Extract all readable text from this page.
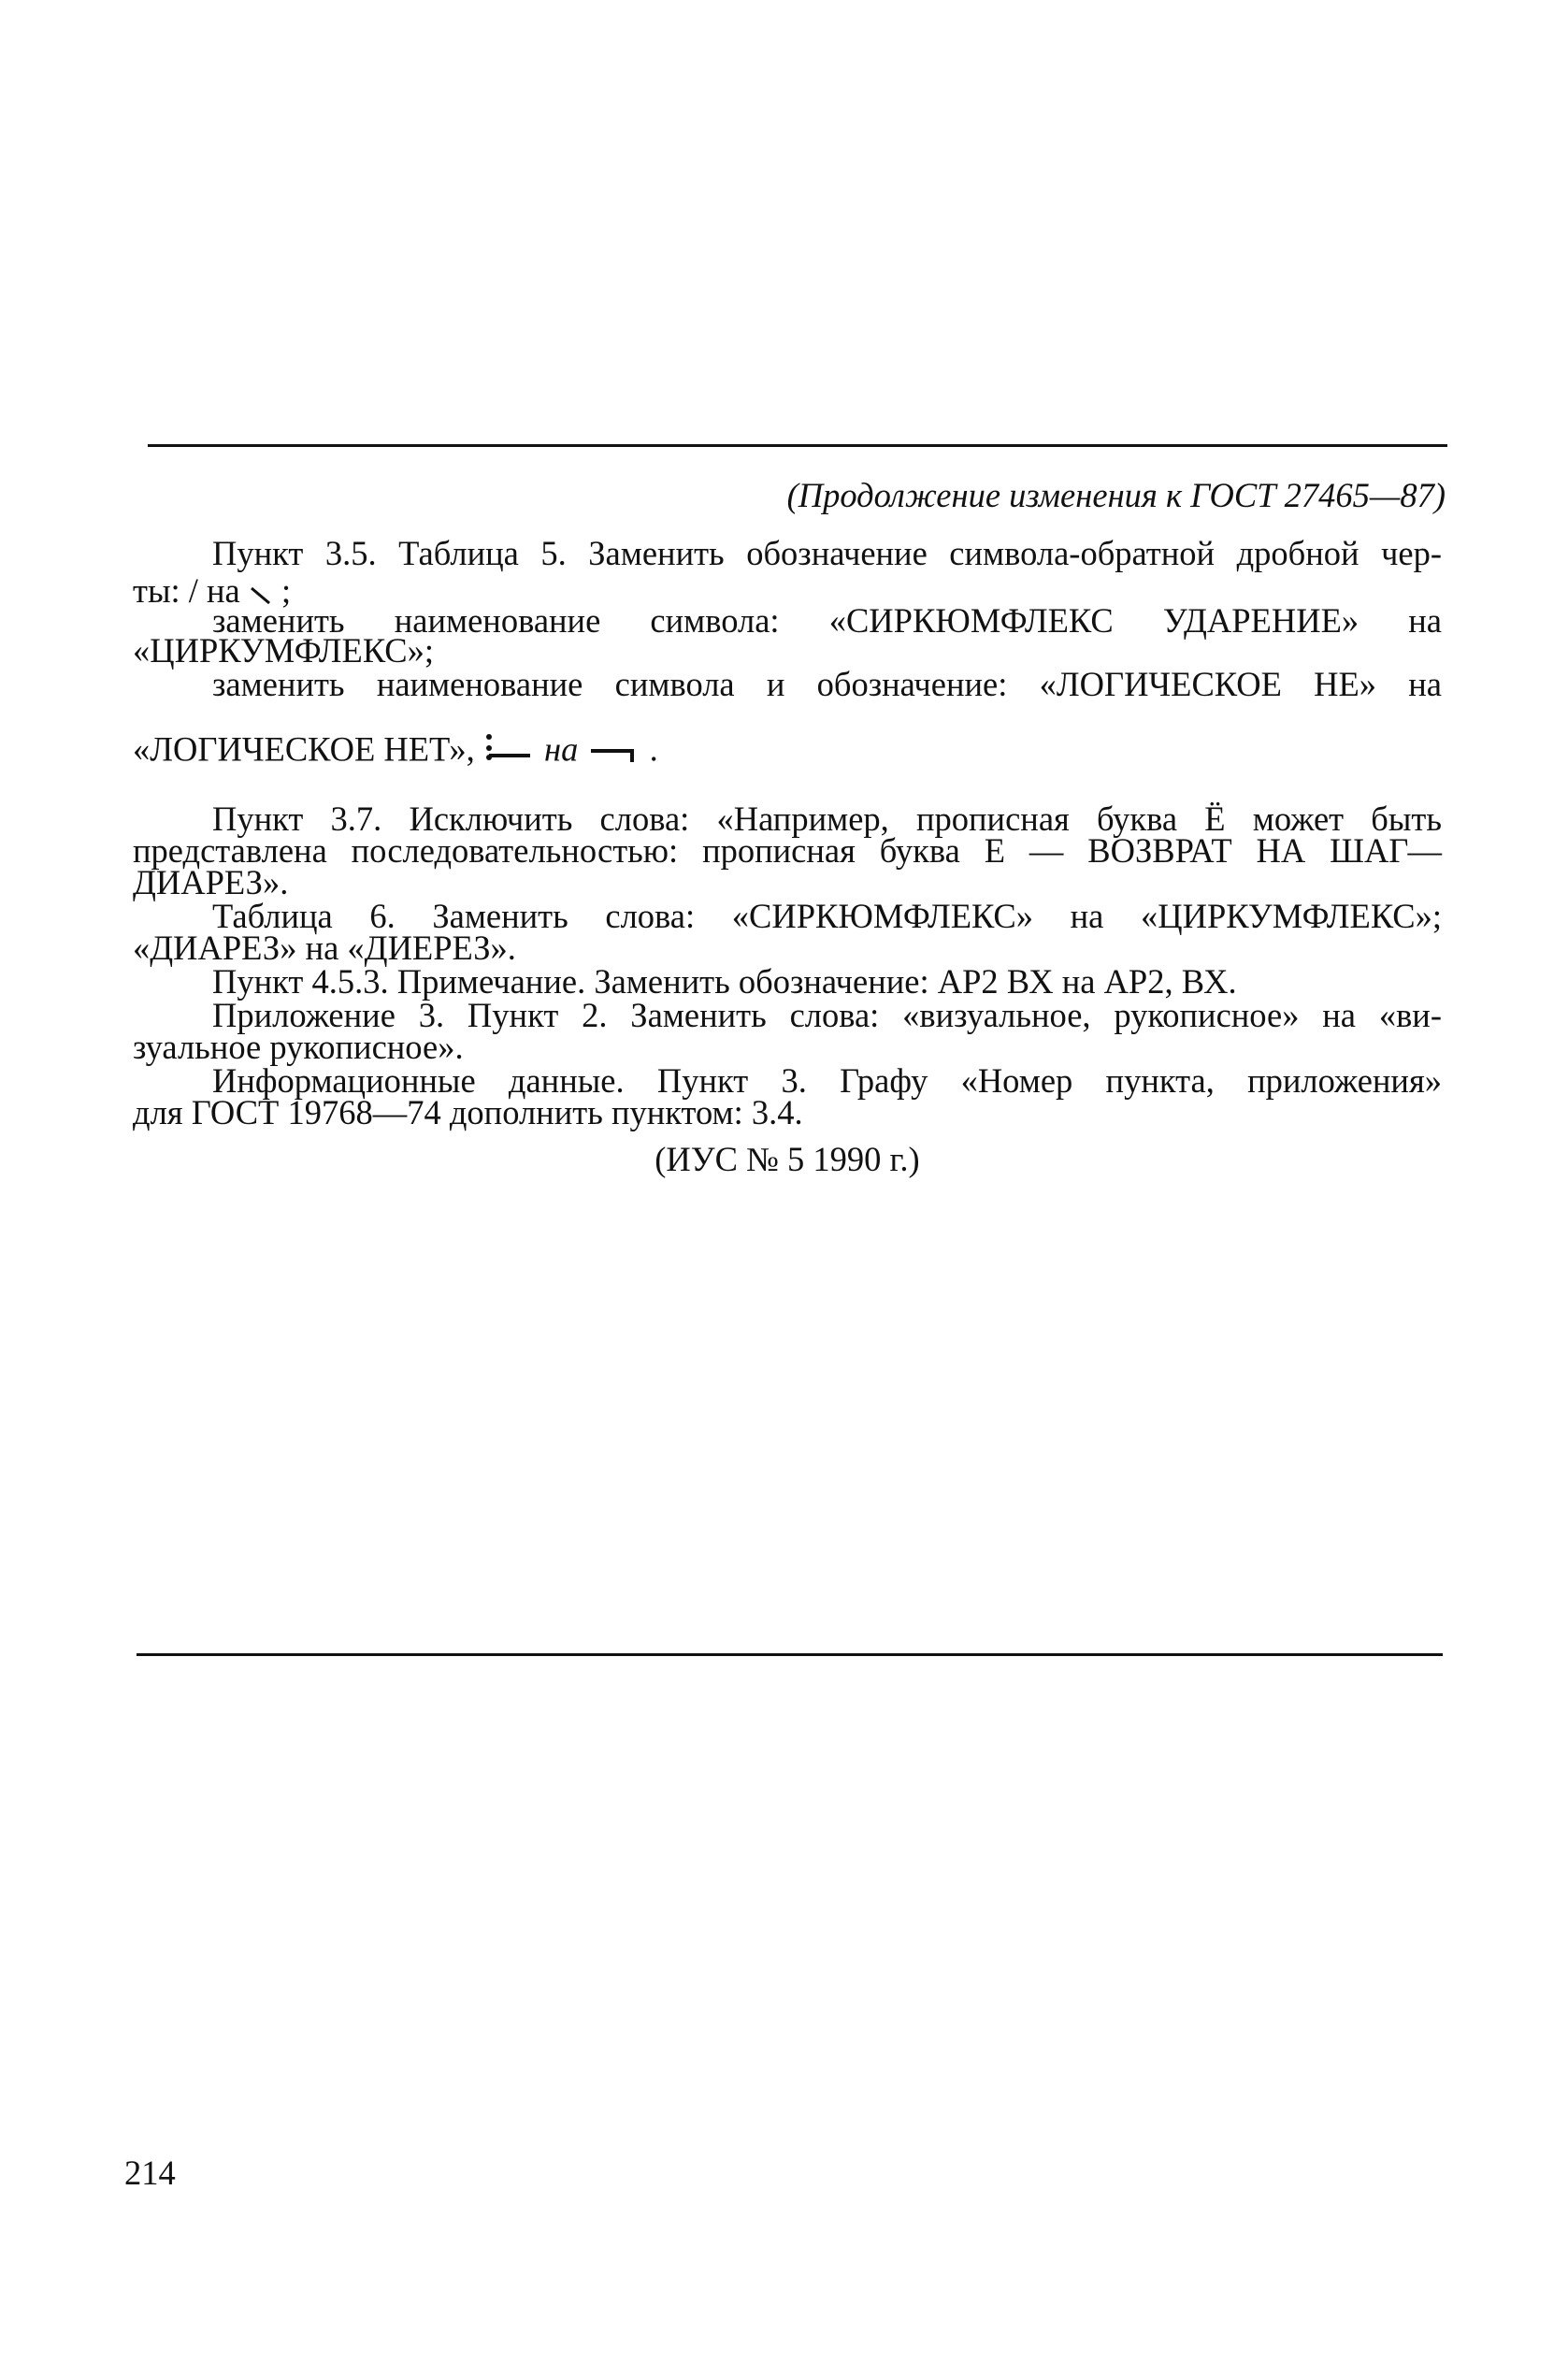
(Продолжение изменения к ГОСТ 27465—87)
Пункт 3.5. Таблица 5. Заменить обозначение символа-обратной дробной чер-
ты: / на ;
заменить наименование символа: «СИРКЮМФЛЕКС УДАРЕНИЕ» на
«ЦИРКУМФЛЕКС»;
заменить наименование символа и обозначение: «ЛОГИЧЕСКОЕ НЕ» на
«ЛОГИЧЕСКОЕ НЕТ», на .
Пункт 3.7. Исключить слова: «Например, прописная буква Ё может быть
представлена последовательностью: прописная буква Е — ВОЗВРАТ НА ШАГ—
ДИАРЕЗ».
Таблица 6. Заменить слова: «СИРКЮМФЛЕКС» на «ЦИРКУМФЛЕКС»;
«ДИАРЕЗ» на «ДИЕРЕЗ».
Пункт 4.5.3. Примечание. Заменить обозначение: АР2 ВХ на АР2, ВХ.
Приложение 3. Пункт 2. Заменить слова: «визуальное, рукописное» на «ви-
зуальное рукописное».
Информационные данные. Пункт 3. Графу «Номер пункта, приложения»
для ГОСТ 19768—74 дополнить пунктом: 3.4.
(ИУС № 5 1990 г.)
214
